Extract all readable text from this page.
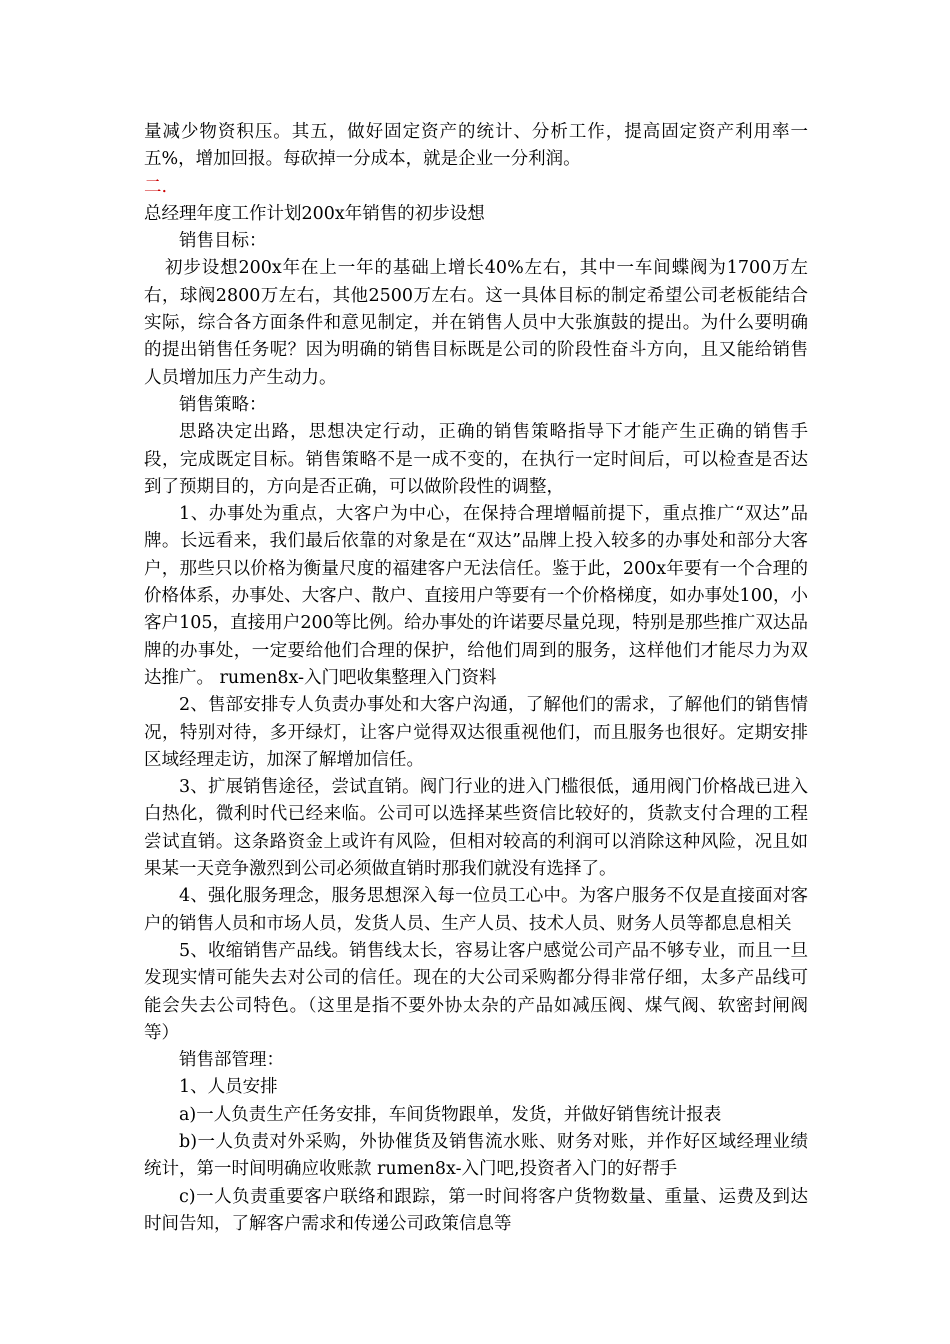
量减少物资积压。其五，做好固定资产的统计、分析工作，提高固定资产利用率一五%，增加回报。每砍掉一分成本，就是企业一分利润。

二.

总经理年度工作计划200x年销售的初步设想

销售目标：

初步设想200x年在上一年的基础上增长40%左右，其中一车间蝶阀为1700万左右，球阀2800万左右，其他2500万左右。这一具体目标的制定希望公司老板能结合实际，综合各方面条件和意见制定，并在销售人员中大张旗鼓的提出。为什么要明确的提出销售任务呢？因为明确的销售目标既是公司的阶段性奋斗方向，且又能给销售人员增加压力产生动力。

销售策略：

思路决定出路，思想决定行动，正确的销售策略指导下才能产生正确的销售手段，完成既定目标。销售策略不是一成不变的，在执行一定时间后，可以检查是否达到了预期目的，方向是否正确，可以做阶段性的调整，

1、办事处为重点，大客户为中心，在保持合理增幅前提下，重点推广“双达”品牌。长远看来，我们最后依靠的对象是在“双达”品牌上投入较多的办事处和部分大客户，那些只以价格为衡量尺度的福建客户无法信任。鉴于此，200x年要有一个合理的价格体系，办事处、大客户、散户、直接用户等要有一个价格梯度，如办事处100，小客户105，直接用户200等比例。给办事处的许诺要尽量兑现，特别是那些推广双达品牌的办事处，一定要给他们合理的保护，给他们周到的服务，这样他们才能尽力为双达推广。 rumen8x-入门吧收集整理入门资料

2、售部安排专人负责办事处和大客户沟通，了解他们的需求，了解他们的销售情况，特别对待，多开绿灯，让客户觉得双达很重视他们，而且服务也很好。定期安排区域经理走访，加深了解增加信任。

3、扩展销售途径，尝试直销。阀门行业的进入门槛很低，通用阀门价格战已进入白热化，微利时代已经来临。公司可以选择某些资信比较好的，货款支付合理的工程尝试直销。这条路资金上或许有风险，但相对较高的利润可以消除这种风险，况且如果某一天竞争激烈到公司必须做直销时那我们就没有选择了。

4、强化服务理念，服务思想深入每一位员工心中。为客户服务不仅是直接面对客户的销售人员和市场人员，发货人员、生产人员、技术人员、财务人员等都息息相关

5、收缩销售产品线。销售线太长，容易让客户感觉公司产品不够专业，而且一旦发现实情可能失去对公司的信任。现在的大公司采购都分得非常仔细，太多产品线可能会失去公司特色。（这里是指不要外协太杂的产品如减压阀、煤气阀、软密封闸阀等）

销售部管理：

1、人员安排

a)一人负责生产任务安排，车间货物跟单，发货，并做好销售统计报表

b)一人负责对外采购，外协催货及销售流水账、财务对账，并作好区域经理业绩统计，第一时间明确应收账款 rumen8x-入门吧,投资者入门的好帮手

c)一人负责重要客户联络和跟踪，第一时间将客户货物数量、重量、运费及到达时间告知，了解客户需求和传递公司政策信息等
